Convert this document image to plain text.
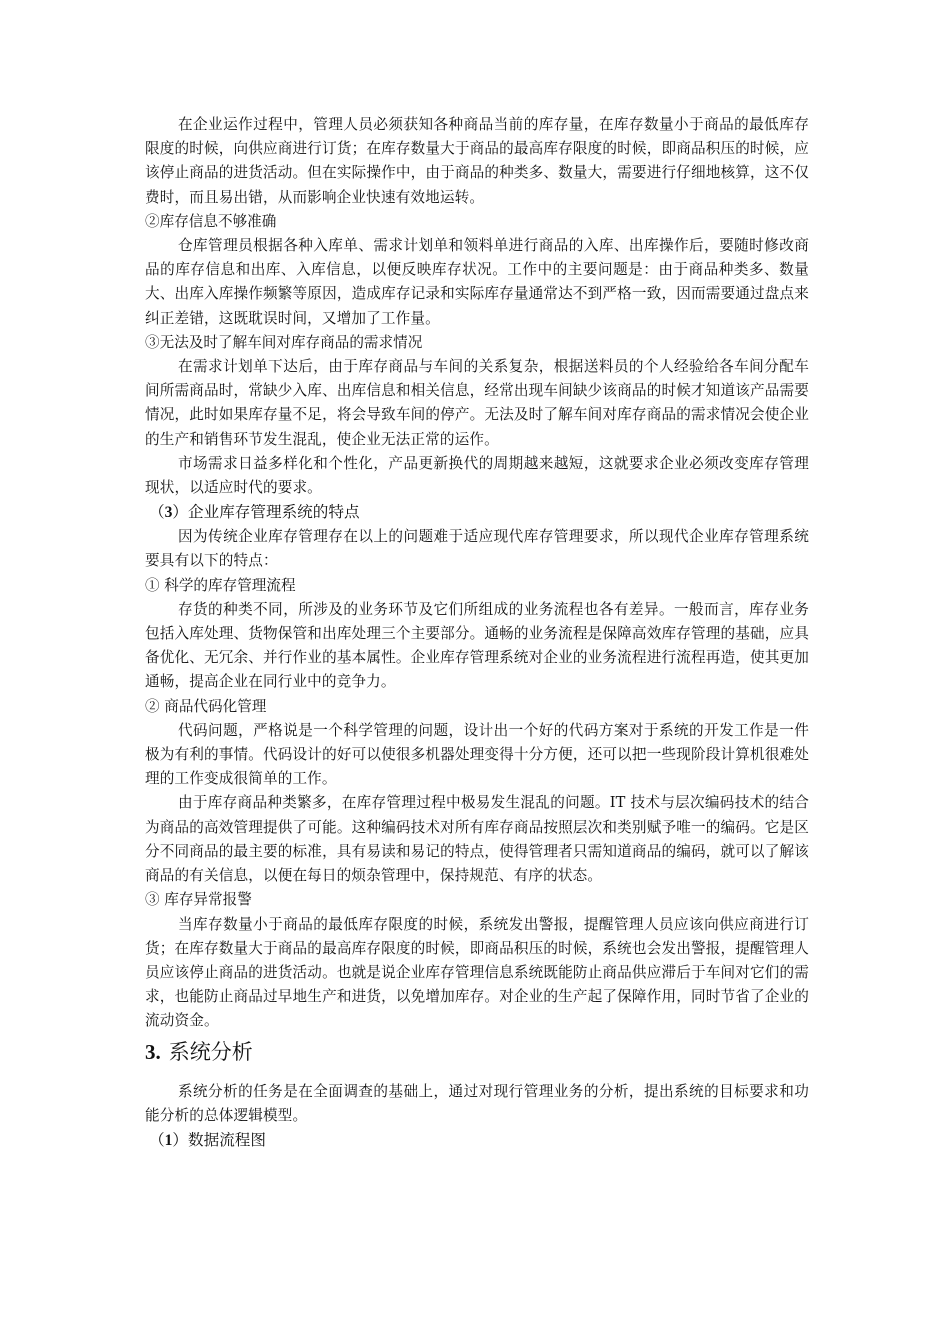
在企业运作过程中，管理人员必须获知各种商品当前的库存量，在库存数量小于商品的最低库存限度的时候，向供应商进行订货；在库存数量大于商品的最高库存限度的时候，即商品积压的时候，应该停止商品的进货活动。但在实际操作中，由于商品的种类多、数量大，需要进行仔细地核算，这不仅费时，而且易出错，从而影响企业快速有效地运转。

②库存信息不够准确

仓库管理员根据各种入库单、需求计划单和领料单进行商品的入库、出库操作后，要随时修改商品的库存信息和出库、入库信息，以便反映库存状况。工作中的主要问题是：由于商品种类多、数量大、出库入库操作频繁等原因，造成库存记录和实际库存量通常达不到严格一致，因而需要通过盘点来纠正差错，这既耽误时间，又增加了工作量。

③无法及时了解车间对库存商品的需求情况

在需求计划单下达后，由于库存商品与车间的关系复杂，根据送料员的个人经验给各车间分配车间所需商品时，常缺少入库、出库信息和相关信息，经常出现车间缺少该商品的时候才知道该产品需要情况，此时如果库存量不足，将会导致车间的停产。无法及时了解车间对库存商品的需求情况会使企业的生产和销售环节发生混乱，使企业无法正常的运作。

市场需求日益多样化和个性化，产品更新换代的周期越来越短，这就要求企业必须改变库存管理现状，以适应时代的要求。

（3）企业库存管理系统的特点

因为传统企业库存管理存在以上的问题难于适应现代库存管理要求，所以现代企业库存管理系统要具有以下的特点：

① 科学的库存管理流程

存货的种类不同，所涉及的业务环节及它们所组成的业务流程也各有差异。一般而言，库存业务包括入库处理、货物保管和出库处理三个主要部分。通畅的业务流程是保障高效库存管理的基础，应具备优化、无冗余、并行作业的基本属性。企业库存管理系统对企业的业务流程进行流程再造，使其更加通畅，提高企业在同行业中的竞争力。

② 商品代码化管理

代码问题，严格说是一个科学管理的问题，设计出一个好的代码方案对于系统的开发工作是一件极为有利的事情。代码设计的好可以使很多机器处理变得十分方便，还可以把一些现阶段计算机很难处理的工作变成很简单的工作。

由于库存商品种类繁多，在库存管理过程中极易发生混乱的问题。IT 技术与层次编码技术的结合为商品的高效管理提供了可能。这种编码技术对所有库存商品按照层次和类别赋予唯一的编码。它是区分不同商品的最主要的标准，具有易读和易记的特点，使得管理者只需知道商品的编码，就可以了解该商品的有关信息，以便在每日的烦杂管理中，保持规范、有序的状态。

③ 库存异常报警

当库存数量小于商品的最低库存限度的时候，系统发出警报，提醒管理人员应该向供应商进行订货；在库存数量大于商品的最高库存限度的时候，即商品积压的时候，系统也会发出警报，提醒管理人员应该停止商品的进货活动。也就是说企业库存管理信息系统既能防止商品供应滞后于车间对它们的需求，也能防止商品过早地生产和进货，以免增加库存。对企业的生产起了保障作用，同时节省了企业的流动资金。

3. 系统分析

系统分析的任务是在全面调查的基础上，通过对现行管理业务的分析，提出系统的目标要求和功能分析的总体逻辑模型。

（1）数据流程图
